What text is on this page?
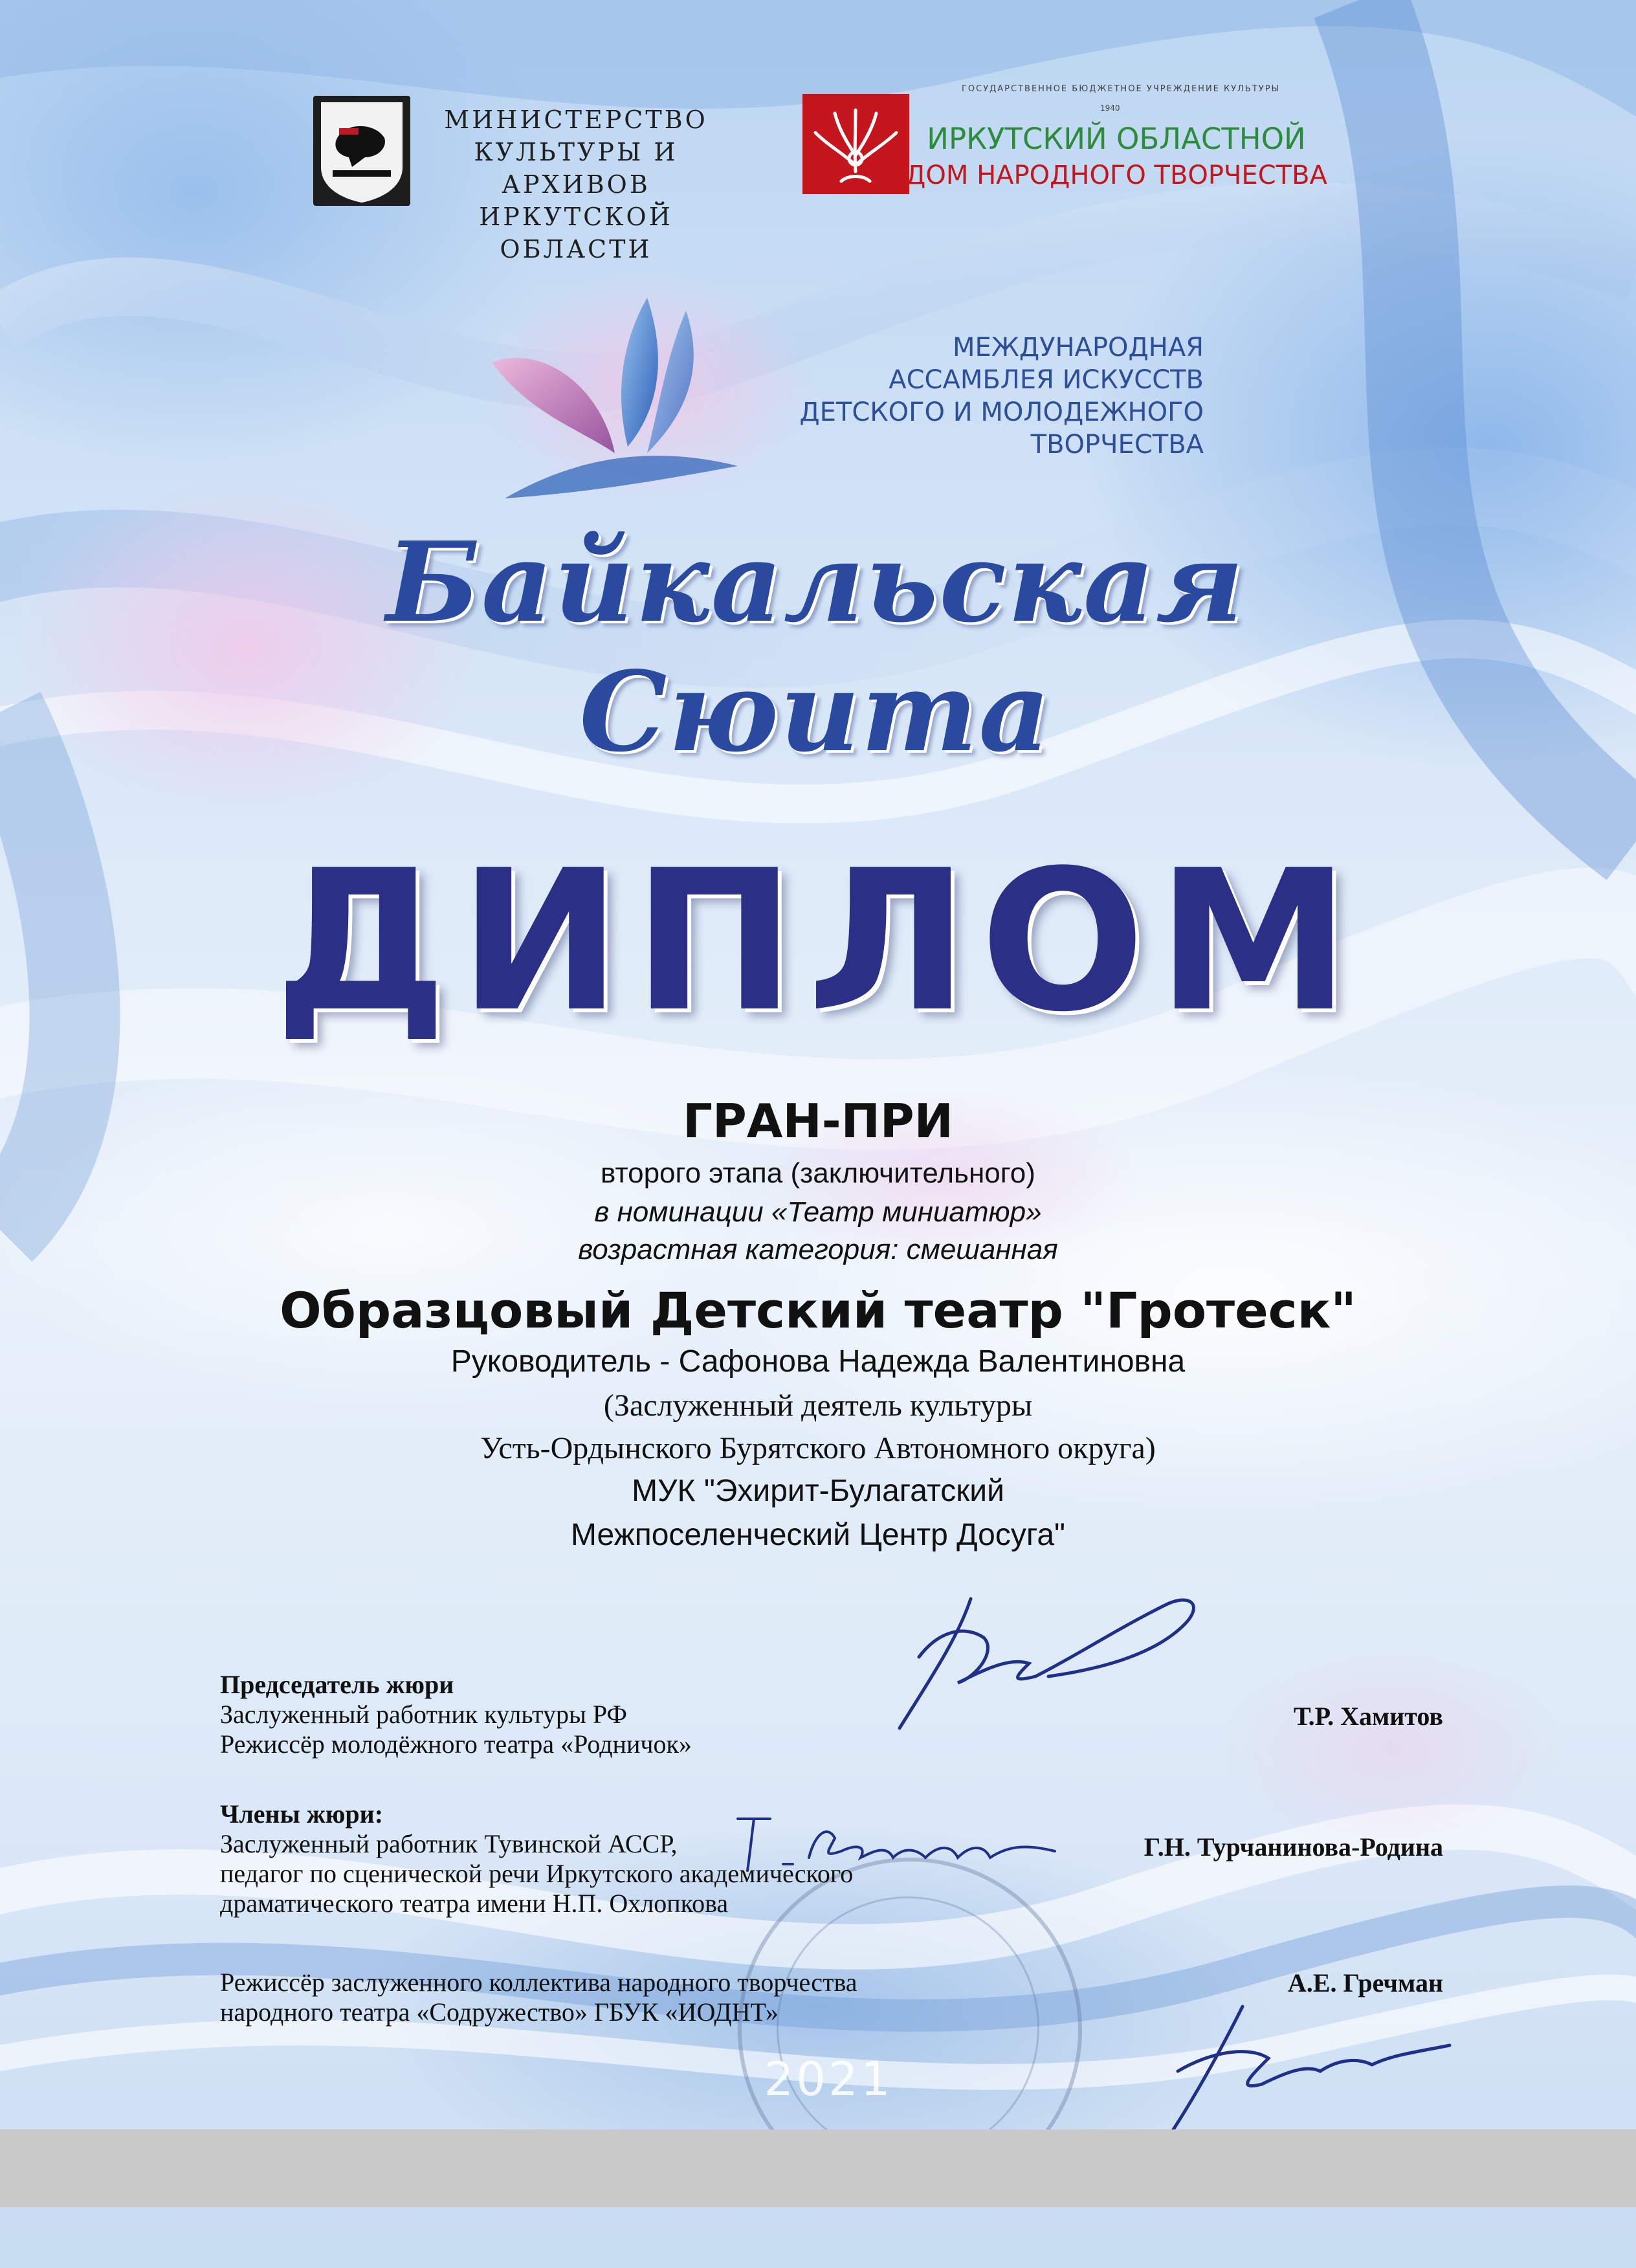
МИНИСТЕРСТВО
КУЛЬТУРЫ И АРХИВОВ
ИРКУТСКОЙ ОБЛАСТИ
ГОСУДАРСТВЕННОЕ БЮДЖЕТНОЕ УЧРЕЖДЕНИЕ КУЛЬТУРЫ
1940
ИРКУТСКИЙ ОБЛАСТНОЙ
ДОМ НАРОДНОГО ТВОРЧЕСТВА
МЕЖДУНАРОДНАЯ
АССАМБЛЕЯ ИСКУССТВ
ДЕТСКОГО И МОЛОДЕЖНОГО
ТВОРЧЕСТВА
Байкальская
Сюита
ДИПЛОМ
ГРАН-ПРИ
второго этапа (заключительного)
в номинации «Театр миниатюр»
возрастная категория: смешанная
Образцовый Детский театр "Гротеск"
Руководитель - Сафонова Надежда Валентиновна
(Заслуженный деятель культуры
Усть-Ордынского Бурятского Автономного округа)
МУК "Эхирит-Булагатский
Межпоселенческий Центр Досуга"
Председатель жюри
Заслуженный работник культуры РФ
Режиссёр молодёжного театра «Родничок»
Т.Р. Хамитов
Члены жюри:
Заслуженный работник Тувинской АССР,
педагог по сценической речи Иркутского академического
драматического театра имени Н.П. Охлопкова
Г.Н. Турчанинова-Родина
Режиссёр заслуженного коллектива народного творчества
народного театра «Содружество» ГБУК «ИОДНТ»
А.Е. Гречман
2021
